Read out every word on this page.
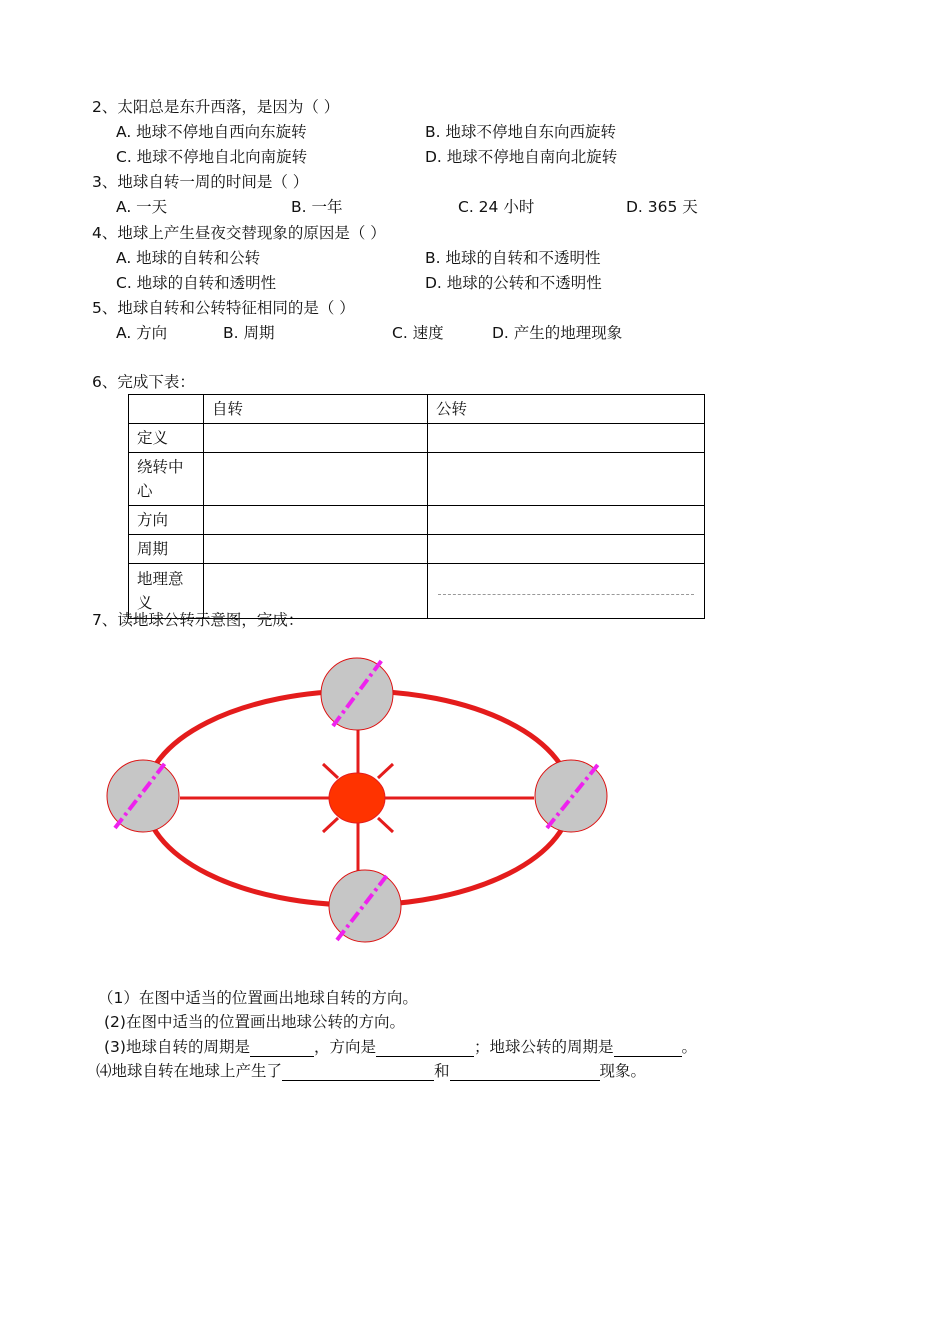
2、太阳总是东升西落，是因为（ ）
A. 地球不停地自西向东旋转	B. 地球不停地自东向西旋转
C. 地球不停地自北向南旋转	D. 地球不停地自南向北旋转
3、地球自转一周的时间是（ ）
A. 一天	B. 一年	C. 24 小时	D. 365 天
4、地球上产生昼夜交替现象的原因是（ ）
A. 地球的自转和公转	B. 地球的自转和不透明性
C. 地球的自转和透明性	D. 地球的公转和不透明性
5、地球自转和公转特征相同的是（ ）
A. 方向	B. 周期	C. 速度	D. 产生的地理现象
6、完成下表：
	自转	公转
定义		
绕转中心		
方向		
周期		
地理意义		
7、读地球公转示意图，完成：
（1）在图中适当的位置画出地球自转的方向。
(2)在图中适当的位置画出地球公转的方向。
(3)地球自转的周期是	，方向是	；地球公转的周期是	。
⑷地球自转在地球上产生了	和	现象。
